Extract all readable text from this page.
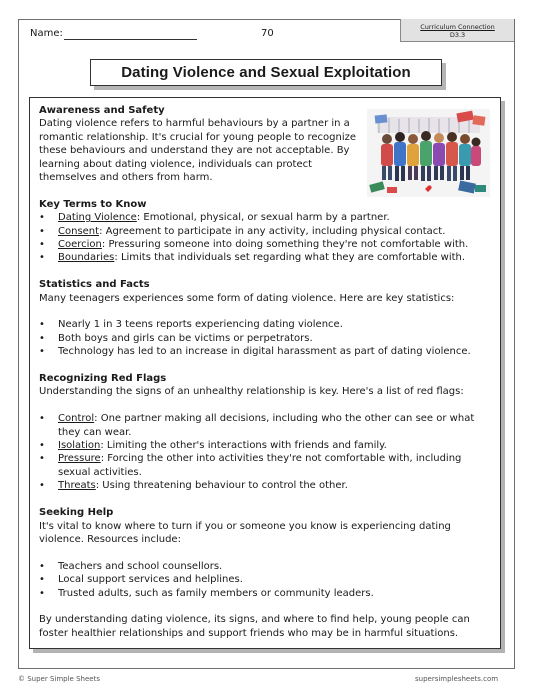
Name:	70
Curriculum Connection
D3.3
Dating Violence and Sexual Exploitation

Awareness and Safety

Dating violence refers to harmful behaviours by a partner in a romantic relationship. It's crucial for young people to recognize these behaviours and understand they are not acceptable. By learning about dating violence, individuals can protect themselves and others from harm.

Key Terms to Know

• Dating Violence: Emotional, physical, or sexual harm by a partner.
• Consent: Agreement to participate in any activity, including physical contact.
• Coercion: Pressuring someone into doing something they're not comfortable with.
• Boundaries: Limits that individuals set regarding what they are comfortable with.

Statistics and Facts

Many teenagers experiences some form of dating violence. Here are key statistics:

• Nearly 1 in 3 teens reports experiencing dating violence.
• Both boys and girls can be victims or perpetrators.
• Technology has led to an increase in digital harassment as part of dating violence.

Recognizing Red Flags

Understanding the signs of an unhealthy relationship is key. Here's a list of red flags:

• Control: One partner making all decisions, including who the other can see or what they can wear.
• Isolation: Limiting the other's interactions with friends and family.
• Pressure: Forcing the other into activities they're not comfortable with, including sexual activities.
• Threats: Using threatening behaviour to control the other.

Seeking Help

It's vital to know where to turn if you or someone you know is experiencing dating violence. Resources include:

• Teachers and school counsellors.
• Local support services and helplines.
• Trusted adults, such as family members or community leaders.

By understanding dating violence, its signs, and where to find help, young people can foster healthier relationships and support friends who may be in harmful situations.

© Super Simple Sheets	supersimplesheets.com
